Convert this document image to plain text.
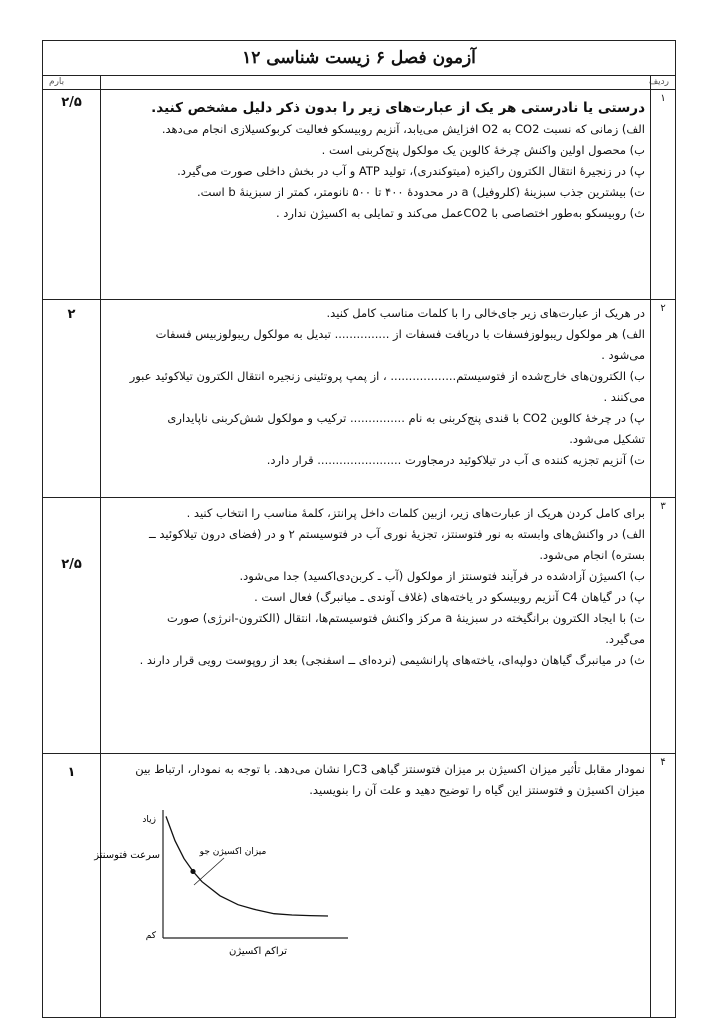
آزمون فصل ۶ زیست شناسی ۱۲
ردیف
بارم
۱
۲/۵	درستی یا نادرستی هر یک از عبارت‌های زیر را بدون ذکر دلیل مشخص کنید.

الف) زمانی که نسبت CO2 به O2 افزایش می‌یابد، آنزیم روبیسکو فعالیت کربوکسیلازی انجام می‌دهد.

ب) محصول اولین واکنش چرخهٔ کالوین یک مولکول پنج‌کربنی است .

پ) در زنجیرهٔ انتقال الکترون راکیزه (میتوکندری)، تولید ATP و آب در بخش داخلی صورت می‌گیرد.

ت) بیشترین جذب سبزینهٔ (کلروفیل) a در محدودهٔ ۴۰۰ تا ۵۰۰ نانومتر، کمتر از سبزینهٔ b است.

ث) روبیسکو به‌طور اختصاصی با CO2عمل می‌کند و تمایلی به اکسیژن ندارد .

۲
۲	در هریک از عبارت‌های زیر جای‌خالی را با کلمات مناسب کامل کنید.

الف) هر مولکول ریبولوزفسفات با دریافت فسفات از ............... تبدیل به مولکول ریبولوزبیس فسفات

می‌شود .

ب) الکترون‌های خارج‌شده از فتوسیستم.................. ، از پمپ پروتئینی زنجیره انتقال الکترون تیلاکوئید عبور

می‌کنند .

پ) در چرخهٔ کالوین CO2 با قندی پنج‌کربنی به نام ............... ترکیب و مولکول شش‌کربنی ناپایداری

تشکیل می‌شود.

ت) آنزیم تجزیه کننده ی آب در تیلاکوئید درمجاورت ....................... قرار دارد.

۳
۲/۵

برای کامل کردن هریک از عبارت‌های زیر، ازبین کلمات داخل پرانتز، کلمهٔ مناسب را انتخاب کنید .

الف) در واکنش‌های وابسته به نور فتوسنتز، تجزیهٔ نوری آب در فتوسیستم ۲ و در (فضای درون تیلاکوئید ــ

بستره) انجام می‌شود.

ب) اکسیژن آزادشده در فرآیند فتوسنتز از مولکول (آب ـ کربن‌دی‌اکسید) جدا می‌شود.

پ) در گیاهان C4 آنزیم روبیسکو در یاخته‌های (غلاف آوندی ـ میانبرگ) فعال است .

ت) با ایجاد الکترون برانگیخته در سبزینهٔ a مرکز واکنش فتوسیستم‌ها، انتقال (الکترون-انرژی) صورت

می‌گیرد.

ث) در میانبرگ گیاهان دولپه‌ای، یاخته‌های پارانشیمی (نرده‌ای ــ اسفنجی) بعد از روپوست رویی قرار دارند .

۴
۱	نمودار مقابل تأثیر میزان اکسیژن بر میزان فتوسنتز گیاهی C3را نشان می‌دهد. با توجه به نمودار، ارتباط بین

میزان اکسیژن و فتوسنتز این گیاه را توضیح دهید و علت آن را بنویسید.

زیاد
کم
سرعت فتوسنتز
تراکم اکسیژن
میزان اکسیژن جو
